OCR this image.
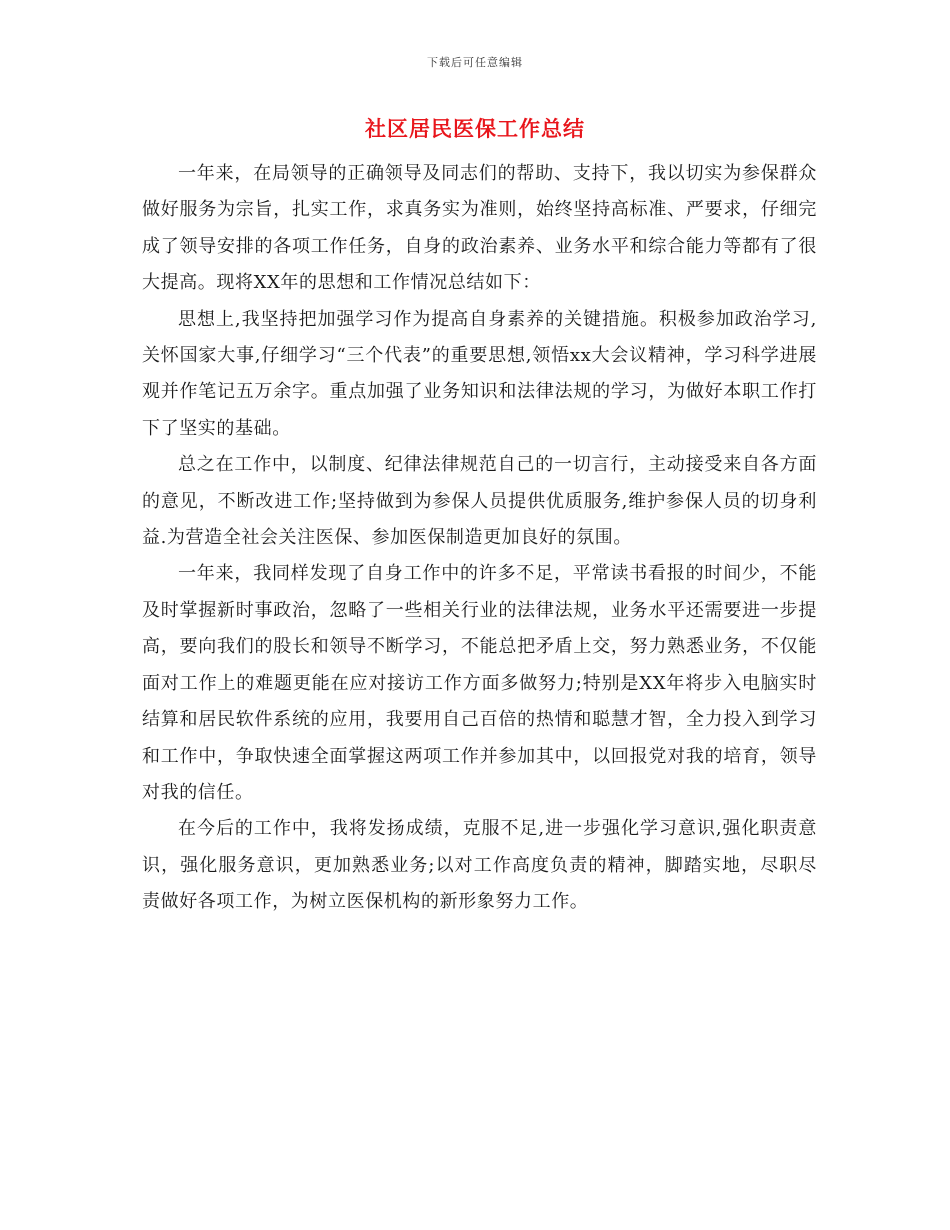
下载后可任意编辑
社区居民医保工作总结

一年来，在局领导的正确领导及同志们的帮助、支持下，我以切实为参保群众做好服务为宗旨，扎实工作，求真务实为准则，始终坚持高标准、严要求，仔细完成了领导安排的各项工作任务，自身的政治素养、业务水平和综合能力等都有了很大提高。现将XX年的思想和工作情况总结如下：

思想上,我坚持把加强学习作为提高自身素养的关键措施。积极参加政治学习,关怀国家大事,仔细学习“三个代表”的重要思想,领悟xx大会议精神，学习科学进展观并作笔记五万余字。重点加强了业务知识和法律法规的学习，为做好本职工作打下了坚实的基础。

总之在工作中，以制度、纪律法律规范自己的一切言行，主动接受来自各方面的意见，不断改进工作;坚持做到为参保人员提供优质服务,维护参保人员的切身利益.为营造全社会关注医保、参加医保制造更加良好的氛围。

一年来，我同样发现了自身工作中的许多不足，平常读书看报的时间少，不能及时掌握新时事政治，忽略了一些相关行业的法律法规，业务水平还需要进一步提高，要向我们的股长和领导不断学习，不能总把矛盾上交，努力熟悉业务，不仅能面对工作上的难题更能在应对接访工作方面多做努力;特别是XX年将步入电脑实时结算和居民软件系统的应用，我要用自己百倍的热情和聪慧才智，全力投入到学习和工作中，争取快速全面掌握这两项工作并参加其中，以回报党对我的培育，领导对我的信任。

在今后的工作中，我将发扬成绩，克服不足,进一步强化学习意识,强化职责意识，强化服务意识，更加熟悉业务;以对工作高度负责的精神，脚踏实地，尽职尽责做好各项工作，为树立医保机构的新形象努力工作。
